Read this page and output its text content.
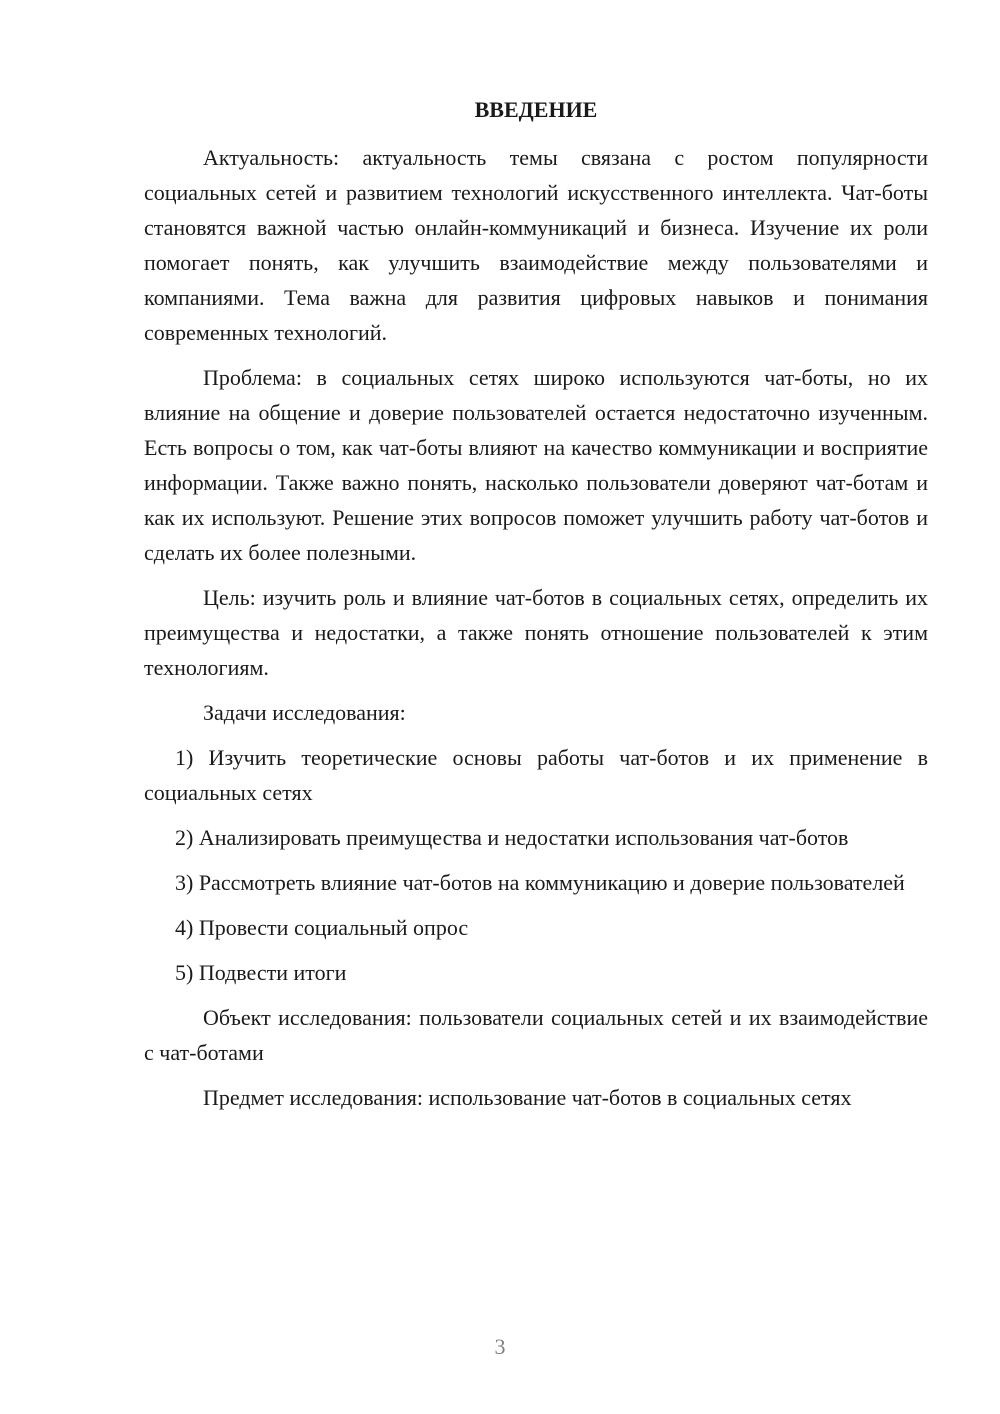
ВВЕДЕНИЕ

Актуальность: актуальность темы связана с ростом популярности социальных сетей и развитием технологий искусственного интеллекта. Чат-боты становятся важной частью онлайн-коммуникаций и бизнеса. Изучение их роли помогает понять, как улучшить взаимодействие между пользователями и компаниями. Тема важна для развития цифровых навыков и понимания современных технологий.

Проблема: в социальных сетях широко используются чат-боты, но их влияние на общение и доверие пользователей остается недостаточно изученным. Есть вопросы о том, как чат-боты влияют на качество коммуникации и восприятие информации. Также важно понять, насколько пользователи доверяют чат-ботам и как их используют. Решение этих вопросов поможет улучшить работу чат-ботов и сделать их более полезными.

Цель: изучить роль и влияние чат-ботов в социальных сетях, определить их преимущества и недостатки, а также понять отношение пользователей к этим технологиям.

Задачи исследования:

1) Изучить теоретические основы работы чат-ботов и их применение в социальных сетях

2) Анализировать преимущества и недостатки использования чат-ботов

3) Рассмотреть влияние чат-ботов на коммуникацию и доверие пользователей

4) Провести социальный опрос

5) Подвести итоги

Объект исследования: пользователи социальных сетей и их взаимодействие с чат-ботами

Предмет исследования: использование чат-ботов в социальных сетях

3
